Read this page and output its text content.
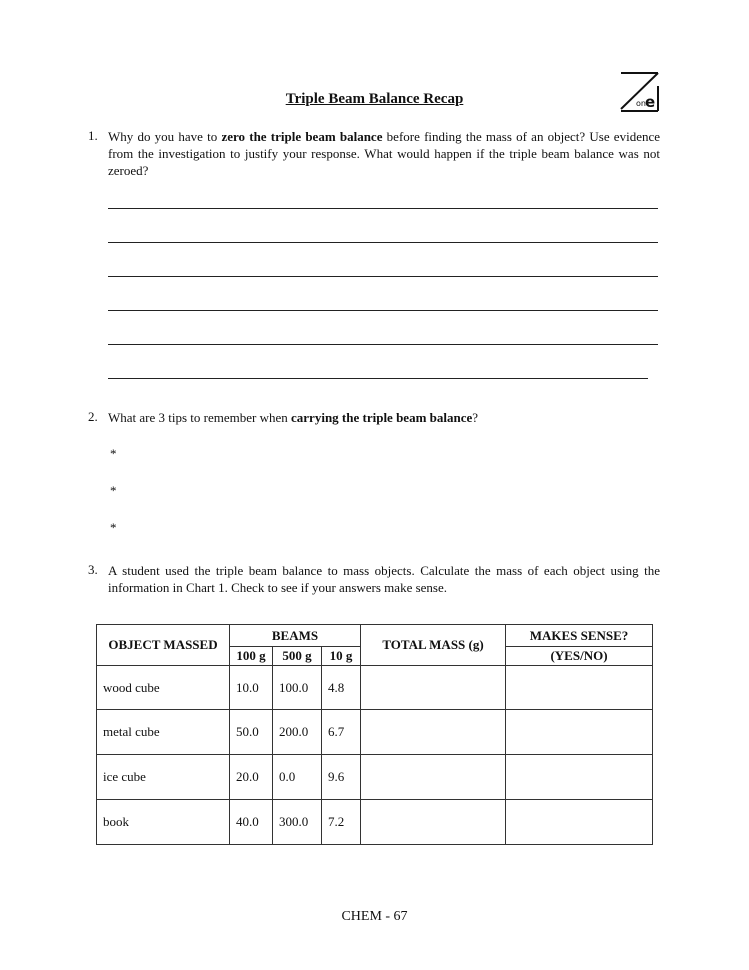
Triple Beam Balance Recap	on e
1. Why do you have to zero the triple beam balance before finding the mass of an object? Use evidence from the investigation to justify your response. What would happen if the triple beam balance was not zeroed?
2. What are 3 tips to remember when carrying the triple beam balance?
*
*
*
3. A student used the triple beam balance to mass objects. Calculate the mass of each object using the information in Chart 1. Check to see if your answers make sense.
OBJECT MASSED	BEAMS			TOTAL MASS (g)	MAKES SENSE?
	100 g	500 g	10 g		(YES/NO)
wood cube	10.0	100.0	4.8		
metal cube	50.0	200.0	6.7		
ice cube	20.0	0.0	9.6		
book	40.0	300.0	7.2		
CHEM - 67
